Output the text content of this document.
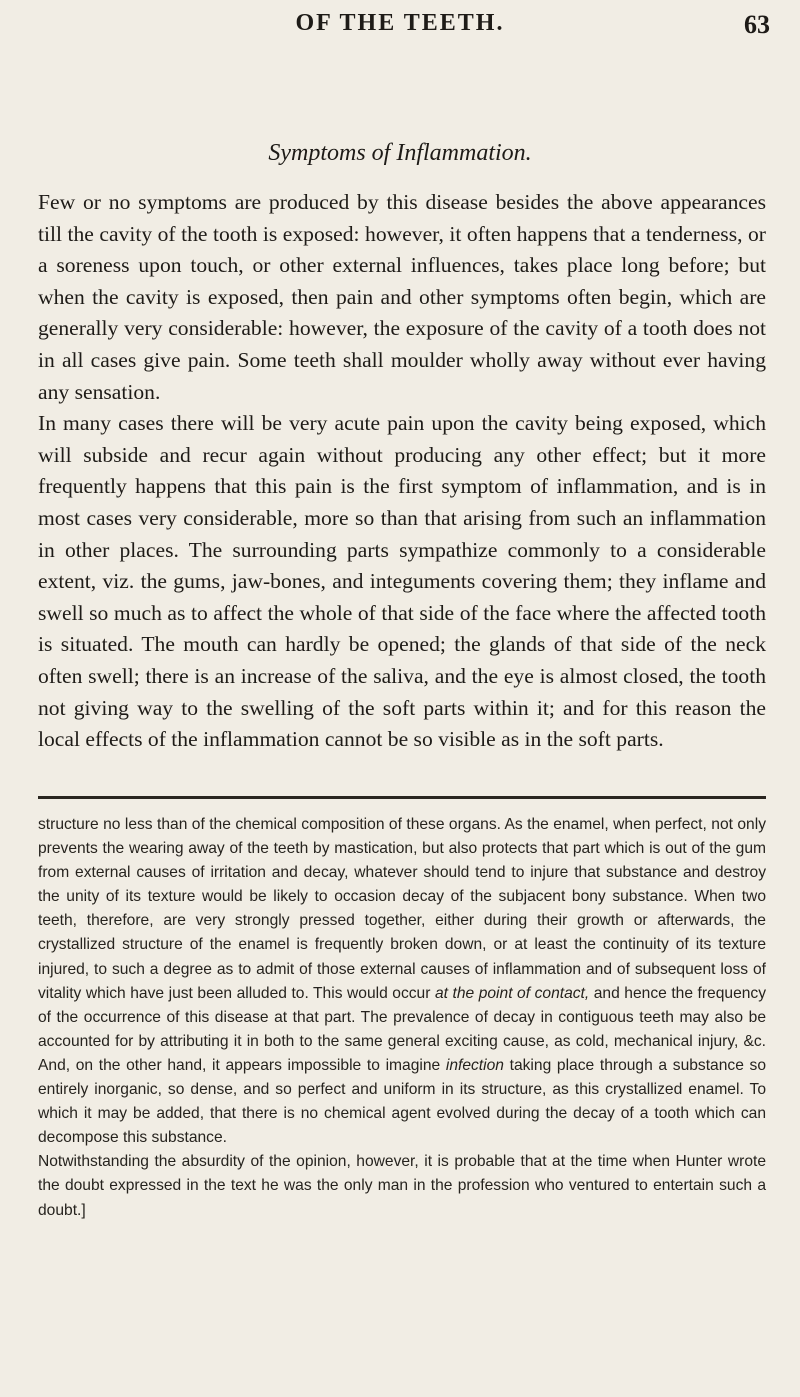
OF THE TEETH.	63
Symptoms of Inflammation.

Few or no symptoms are produced by this disease besides the above appearances till the cavity of the tooth is exposed: however, it often happens that a tenderness, or a soreness upon touch, or other external influences, takes place long before; but when the cavity is exposed, then pain and other symptoms often begin, which are generally very considerable: however, the exposure of the cavity of a tooth does not in all cases give pain. Some teeth shall moulder wholly away without ever having any sensation.

In many cases there will be very acute pain upon the cavity being exposed, which will subside and recur again without producing any other effect; but it more frequently happens that this pain is the first symptom of inflammation, and is in most cases very considerable, more so than that arising from such an inflammation in other places. The surrounding parts sympathize commonly to a considerable extent, viz. the gums, jaw-bones, and integuments covering them; they inflame and swell so much as to affect the whole of that side of the face where the affected tooth is situated. The mouth can hardly be opened; the glands of that side of the neck often swell; there is an increase of the saliva, and the eye is almost closed, the tooth not giving way to the swelling of the soft parts within it; and for this reason the local effects of the inflammation cannot be so visible as in the soft parts.

structure no less than of the chemical composition of these organs. As the enamel, when perfect, not only prevents the wearing away of the teeth by mastication, but also protects that part which is out of the gum from external causes of irritation and decay, whatever should tend to injure that substance and destroy the unity of its texture would be likely to occasion decay of the subjacent bony substance. When two teeth, therefore, are very strongly pressed together, either during their growth or afterwards, the crystallized structure of the enamel is frequently broken down, or at least the continuity of its texture injured, to such a degree as to admit of those external causes of inflammation and of subsequent loss of vitality which have just been alluded to. This would occur at the point of contact, and hence the frequency of the occurrence of this disease at that part. The prevalence of decay in contiguous teeth may also be accounted for by attributing it in both to the same general exciting cause, as cold, mechanical injury, &c. And, on the other hand, it appears impossible to imagine infection taking place through a substance so entirely inorganic, so dense, and so perfect and uniform in its structure, as this crystallized enamel. To which it may be added, that there is no chemical agent evolved during the decay of a tooth which can decompose this substance.

Notwithstanding the absurdity of the opinion, however, it is probable that at the time when Hunter wrote the doubt expressed in the text he was the only man in the profession who ventured to entertain such a doubt.]
